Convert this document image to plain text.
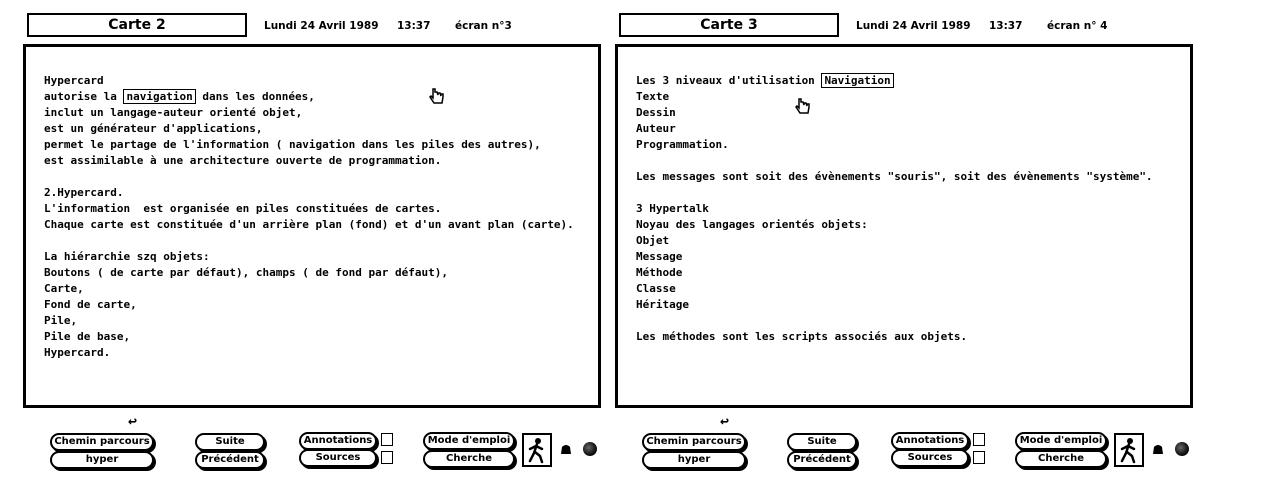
Carte 2	Lundi 24 Avril 1989 13:37 écran n°3
Hypercard
autorise la navigation dans les données,
inclut un langage-auteur orienté objet,
est un générateur d'applications,
permet le partage de l'information ( navigation dans les piles des autres),
est assimilable à une architecture ouverte de programmation.
2.Hypercard.
L'information  est organisée en piles constituées de cartes.
Chaque carte est constituée d'un arrière plan (fond) et d'un avant plan (carte).
La hiérarchie szq objets:
Boutons ( de carte par défaut), champs ( de fond par défaut),
Carte,
Fond de carte,
Pile,
Pile de base,
Hypercard.
↩
Chemin parcours
hyper
Suite
Précédent
Annotations
Sources
Mode d'emploi
Cherche
Carte 3	Lundi 24 Avril 1989 13:37 écran n° 4
Les 3 niveaux d'utilisation Navigation
Texte
Dessin
Auteur
Programmation.
Les messages sont soit des évènements "souris", soit des évènements "système".
3 Hypertalk
Noyau des langages orientés objets:
Objet
Message
Méthode
Classe
Héritage
Les méthodes sont les scripts associés aux objets.
↩
Chemin parcours
hyper
Suite
Précédent
Annotations
Sources
Mode d'emploi
Cherche
